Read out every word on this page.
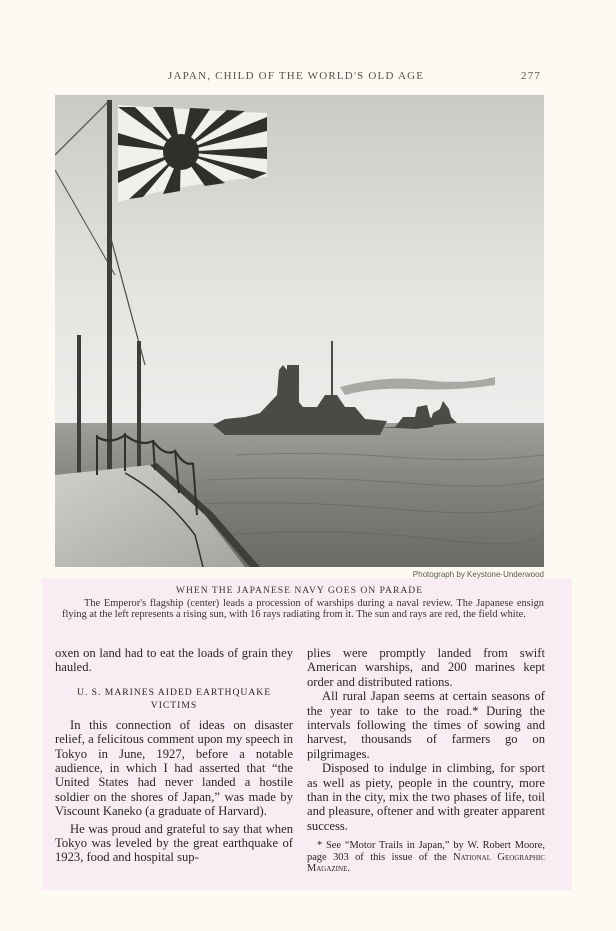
JAPAN, CHILD OF THE WORLD'S OLD AGE	277
Photograph by Keystone-Underwood
WHEN THE JAPANESE NAVY GOES ON PARADE
The Emperor's flagship (center) leads a procession of warships during a naval review. The Japanese ensign flying at the left represents a rising sun, with 16 rays radiating from it. The sun and rays are red, the field white.

oxen on land had to eat the loads of grain they hauled.

U. S. MARINES AIDED EARTHQUAKE VICTIMS

In this connection of ideas on disaster relief, a felicitous comment upon my speech in Tokyo in June, 1927, before a notable audience, in which I had asserted that “the United States had never landed a hostile soldier on the shores of Japan,” was made by Viscount Kaneko (a graduate of Harvard).

He was proud and grateful to say that when Tokyo was leveled by the great earthquake of 1923, food and hospital sup-

plies were promptly landed from swift American warships, and 200 marines kept order and distributed rations.

All rural Japan seems at certain seasons of the year to take to the road.* During the intervals following the times of sowing and harvest, thousands of farmers go on pilgrimages.

Disposed to indulge in climbing, for sport as well as piety, people in the country, more than in the city, mix the two phases of life, toil and pleasure, oftener and with greater apparent success.

* See “Motor Trails in Japan,” by W. Robert Moore, page 303 of this issue of the National Geographic Magazine.
